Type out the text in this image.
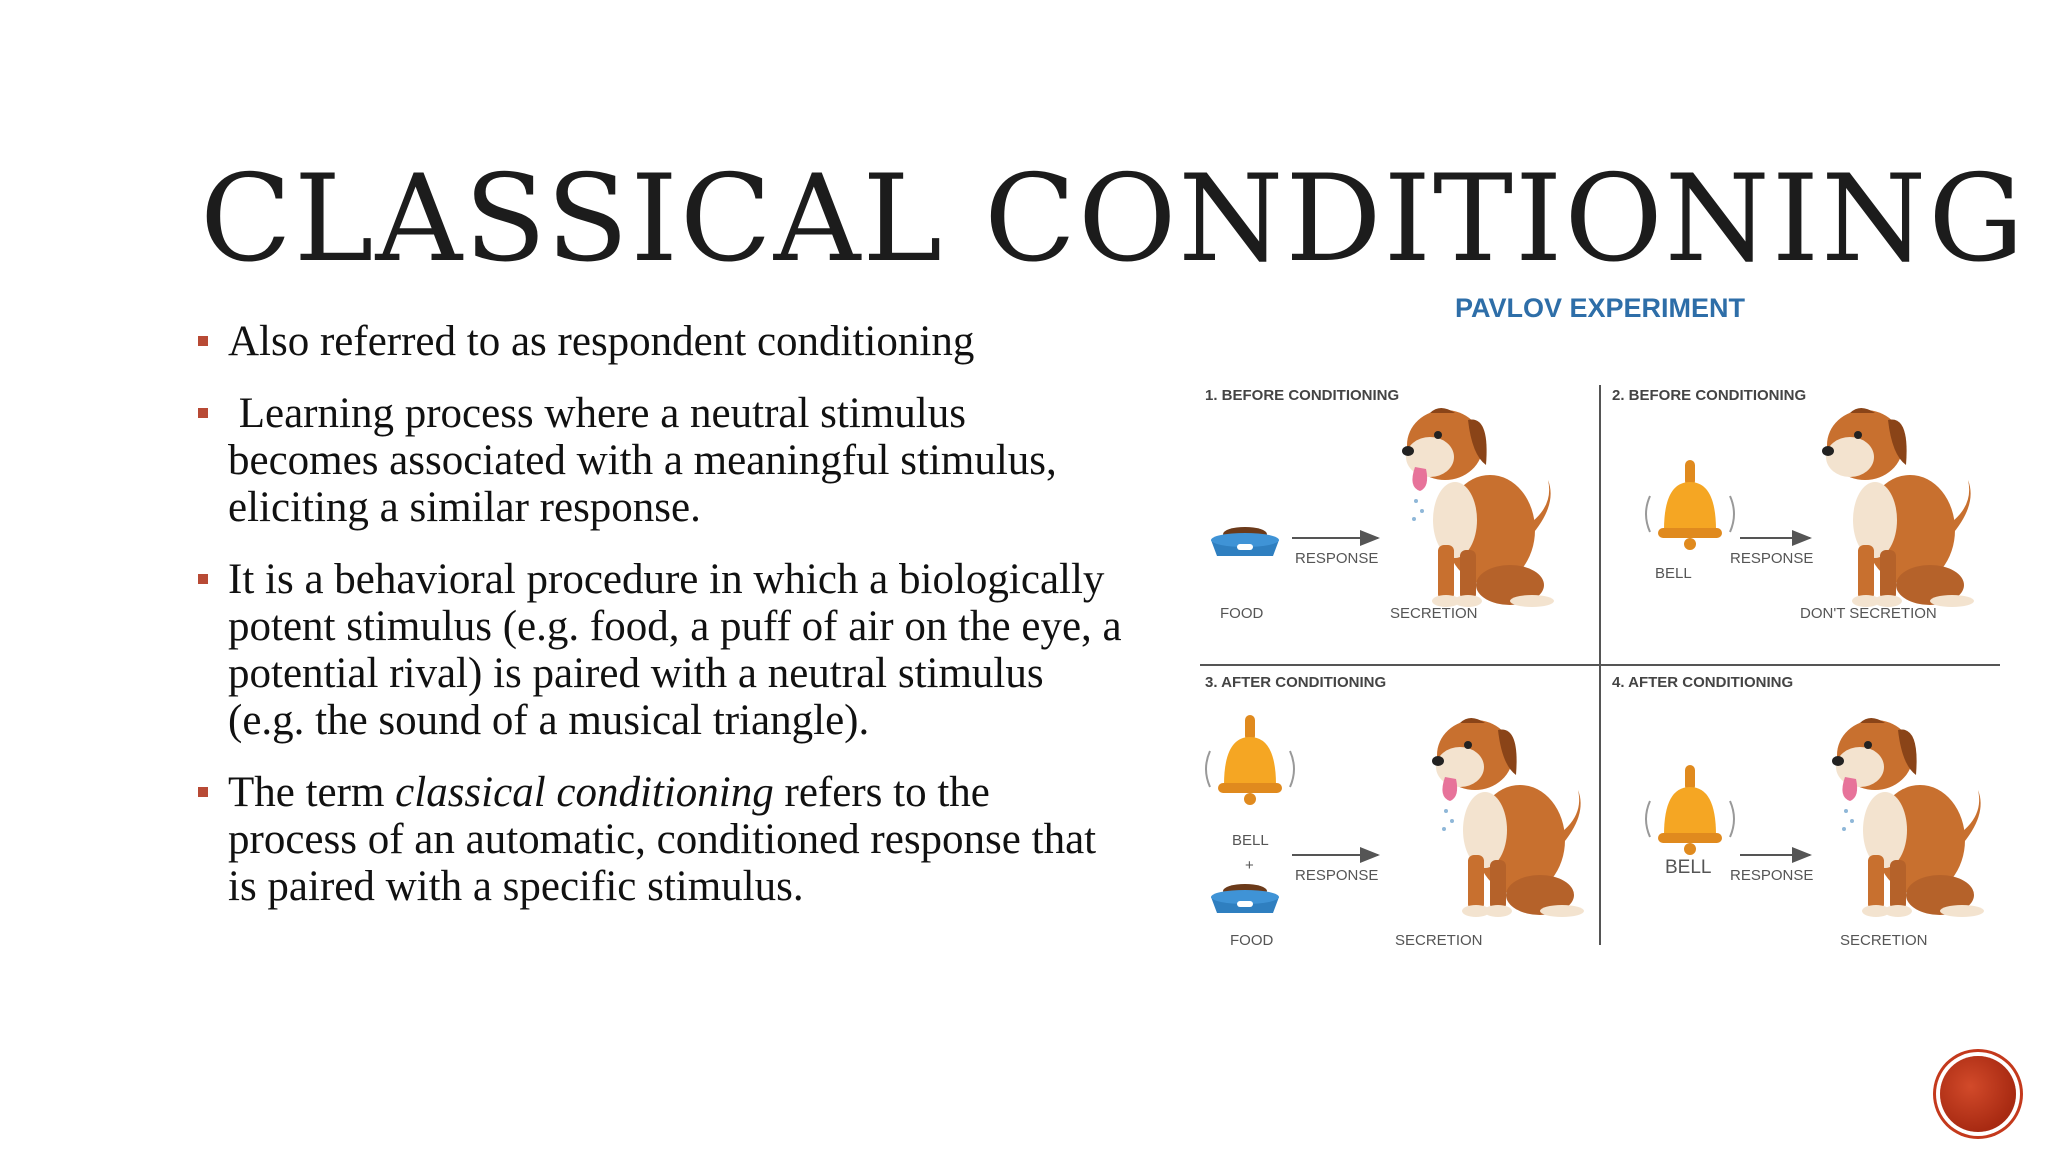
CLASSICAL CONDITIONING
Also referred to as respondent conditioning
Learning process where a neutral stimulus becomes associated with a meaningful stimulus, eliciting a similar response.
It is a behavioral procedure in which a biologically potent stimulus (e.g. food, a puff of air on the eye, a potential rival) is paired with a neutral stimulus (e.g. the sound of a musical triangle).
The term classical conditioning refers to the process of an automatic, conditioned response that is paired with a specific stimulus.
PAVLOV EXPERIMENT
1. BEFORE CONDITIONING
RESPONSE
FOOD	SECRETION
2. BEFORE CONDITIONING
RESPONSE
BELL
DON'T SECRETION
3. AFTER CONDITIONING
BELL
+
FOOD
RESPONSE
SECRETION
4. AFTER CONDITIONING
BELL RESPONSE
SECRETION
